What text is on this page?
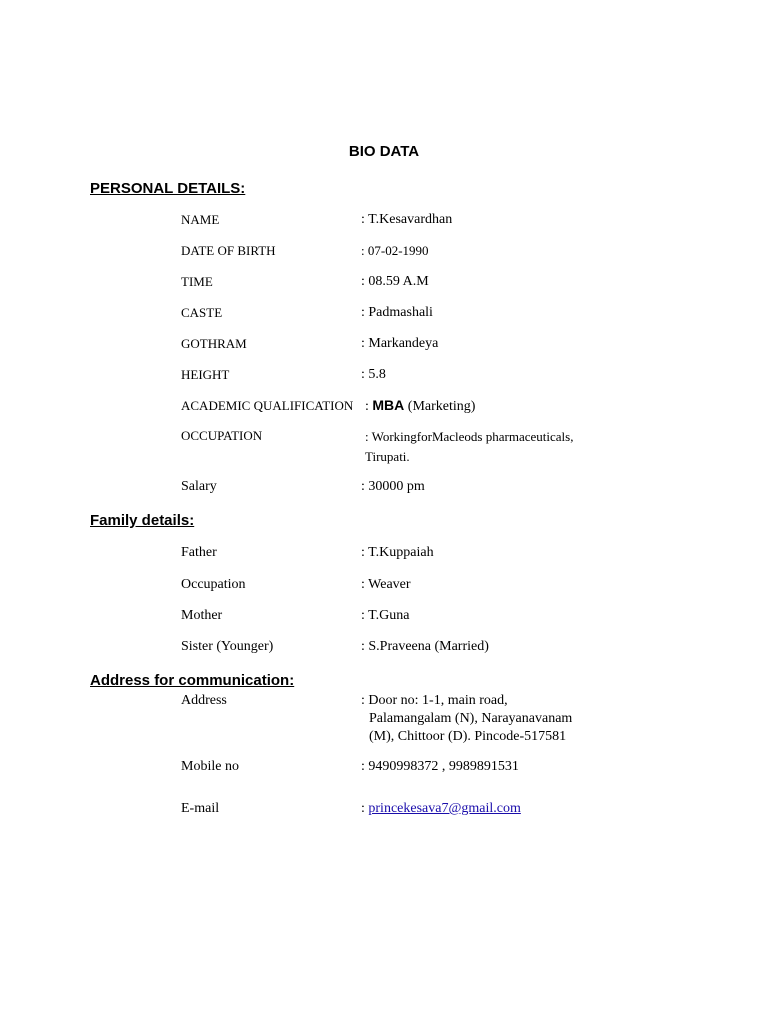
BIO DATA
PERSONAL DETAILS:
NAME	: T.Kesavardhan
DATE OF BIRTH	: 07-02-1990
TIME	: 08.59 A.M
CASTE	: Padmashali
GOTHRAM	: Markandeya
HEIGHT	: 5.8
ACADEMIC QUALIFICATION : MBA (Marketing)
OCCUPATION	: WorkingforMacleods pharmaceuticals,
Tirupati.
Salary	: 30000 pm
Family details:
Father	: T.Kuppaiah
Occupation	: Weaver
Mother	: T.Guna
Sister (Younger)	: S.Praveena (Married)
Address for communication:
Address	: Door no: 1-1, main road,
Palamangalam (N), Narayanavanam
(M), Chittoor (D). Pincode-517581
Mobile no	: 9490998372 , 9989891531
E-mail	: princekesava7@gmail.com
